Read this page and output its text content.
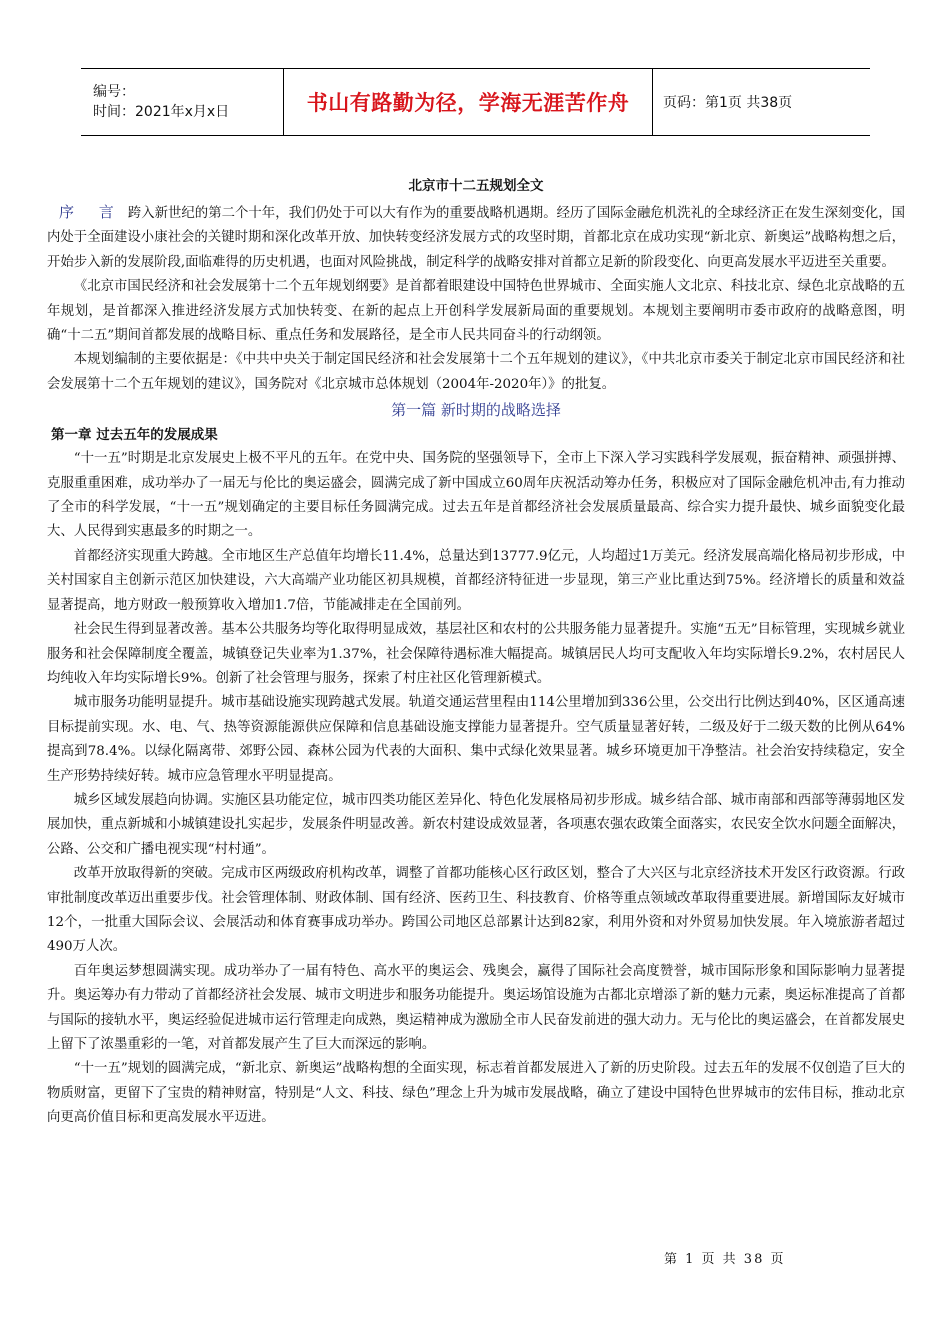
编号：
时间：2021年x月x日	书山有路勤为径，学海无涯苦作舟	页码：第1页 共38页
北京市十二五规划全文

序 言 跨入新世纪的第二个十年，我们仍处于可以大有作为的重要战略机遇期。经历了国际金融危机洗礼的全球经济正在发生深刻变化，国内处于全面建设小康社会的关键时期和深化改革开放、加快转变经济发展方式的攻坚时期，首都北京在成功实现“新北京、新奥运”战略构想之后，开始步入新的发展阶段,面临难得的历史机遇，也面对风险挑战，制定科学的战略安排对首都立足新的阶段变化、向更高发展水平迈进至关重要。

《北京市国民经济和社会发展第十二个五年规划纲要》是首都着眼建设中国特色世界城市、全面实施人文北京、科技北京、绿色北京战略的五年规划，是首都深入推进经济发展方式加快转变、在新的起点上开创科学发展新局面的重要规划。本规划主要阐明市委市政府的战略意图，明确“十二五”期间首都发展的战略目标、重点任务和发展路径，是全市人民共同奋斗的行动纲领。

本规划编制的主要依据是：《中共中央关于制定国民经济和社会发展第十二个五年规划的建议》，《中共北京市委关于制定北京市国民经济和社会发展第十二个五年规划的建议》，国务院对《北京城市总体规划（2004年-2020年）》的批复。

第一篇 新时期的战略选择
第一章 过去五年的发展成果

“十一五”时期是北京发展史上极不平凡的五年。在党中央、国务院的坚强领导下，全市上下深入学习实践科学发展观，振奋精神、顽强拼搏、克服重重困难，成功举办了一届无与伦比的奥运盛会，圆满完成了新中国成立60周年庆祝活动筹办任务，积极应对了国际金融危机冲击,有力推动了全市的科学发展，“十一五”规划确定的主要目标任务圆满完成。过去五年是首都经济社会发展质量最高、综合实力提升最快、城乡面貌变化最大、人民得到实惠最多的时期之一。

首都经济实现重大跨越。全市地区生产总值年均增长11.4%，总量达到13777.9亿元，人均超过1万美元。经济发展高端化格局初步形成，中关村国家自主创新示范区加快建设，六大高端产业功能区初具规模，首都经济特征进一步显现，第三产业比重达到75%。经济增长的质量和效益显著提高，地方财政一般预算收入增加1.7倍，节能减排走在全国前列。

社会民生得到显著改善。基本公共服务均等化取得明显成效，基层社区和农村的公共服务能力显著提升。实施“五无”目标管理，实现城乡就业服务和社会保障制度全覆盖，城镇登记失业率为1.37%，社会保障待遇标准大幅提高。城镇居民人均可支配收入年均实际增长9.2%，农村居民人均纯收入年均实际增长9%。创新了社会管理与服务，探索了村庄社区化管理新模式。

城市服务功能明显提升。城市基础设施实现跨越式发展。轨道交通运营里程由114公里增加到336公里，公交出行比例达到40%，区区通高速目标提前实现。水、电、气、热等资源能源供应保障和信息基础设施支撑能力显著提升。空气质量显著好转，二级及好于二级天数的比例从64%提高到78.4%。以绿化隔离带、郊野公园、森林公园为代表的大面积、集中式绿化效果显著。城乡环境更加干净整洁。社会治安持续稳定，安全生产形势持续好转。城市应急管理水平明显提高。

城乡区域发展趋向协调。实施区县功能定位，城市四类功能区差异化、特色化发展格局初步形成。城乡结合部、城市南部和西部等薄弱地区发展加快，重点新城和小城镇建设扎实起步，发展条件明显改善。新农村建设成效显著，各项惠农强农政策全面落实，农民安全饮水问题全面解决，公路、公交和广播电视实现“村村通”。

改革开放取得新的突破。完成市区两级政府机构改革，调整了首都功能核心区行政区划，整合了大兴区与北京经济技术开发区行政资源。行政审批制度改革迈出重要步伐。社会管理体制、财政体制、国有经济、医药卫生、科技教育、价格等重点领域改革取得重要进展。新增国际友好城市12个，一批重大国际会议、会展活动和体育赛事成功举办。跨国公司地区总部累计达到82家，利用外资和对外贸易加快发展。年入境旅游者超过490万人次。

百年奥运梦想圆满实现。成功举办了一届有特色、高水平的奥运会、残奥会，赢得了国际社会高度赞誉，城市国际形象和国际影响力显著提升。奥运筹办有力带动了首都经济社会发展、城市文明进步和服务功能提升。奥运场馆设施为古都北京增添了新的魅力元素，奥运标准提高了首都与国际的接轨水平，奥运经验促进城市运行管理走向成熟，奥运精神成为激励全市人民奋发前进的强大动力。无与伦比的奥运盛会，在首都发展史上留下了浓墨重彩的一笔，对首都发展产生了巨大而深远的影响。

“十一五”规划的圆满完成，“新北京、新奥运”战略构想的全面实现，标志着首都发展进入了新的历史阶段。过去五年的发展不仅创造了巨大的物质财富，更留下了宝贵的精神财富，特别是“人文、科技、绿色”理念上升为城市发展战略，确立了建设中国特色世界城市的宏伟目标，推动北京向更高价值目标和更高发展水平迈进。

第 1 页 共 38 页
